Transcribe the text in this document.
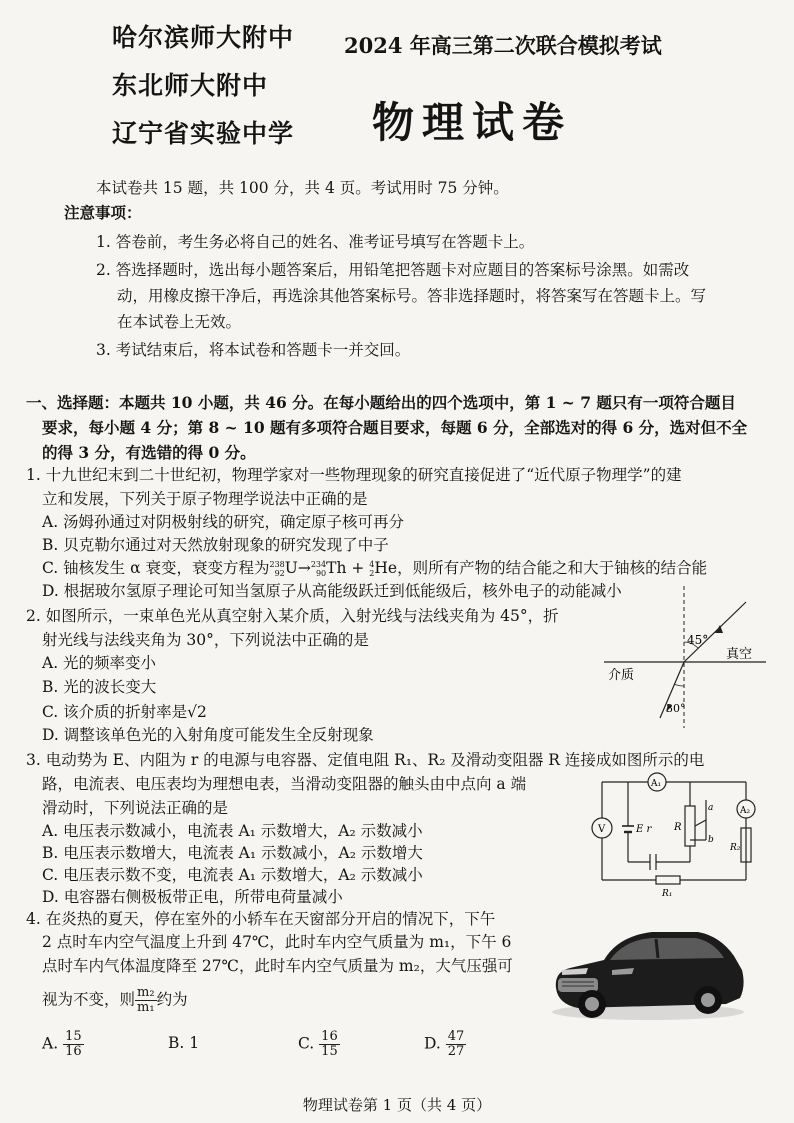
哈尔滨师大附中
东北师大附中
辽宁省实验中学
2024 年高三第二次联合模拟考试
物理试卷
本试卷共 15 题，共 100 分，共 4 页。考试用时 75 分钟。
注意事项：
1. 答卷前，考生务必将自己的姓名、准考证号填写在答题卡上。
2. 答选择题时，选出每小题答案后，用铅笔把答题卡对应题目的答案标号涂黑。如需改
动，用橡皮擦干净后，再选涂其他答案标号。答非选择题时，将答案写在答题卡上。写
在本试卷上无效。
3. 考试结束后，将本试卷和答题卡一并交回。
一、选择题：本题共 10 小题，共 46 分。在每小题给出的四个选项中，第 1 ~ 7 题只有一项符合题目
要求，每小题 4 分；第 8 ~ 10 题有多项符合题目要求，每题 6 分，全部选对的得 6 分，选对但不全
的得 3 分，有选错的得 0 分。
1. 十九世纪末到二十世纪初，物理学家对一些物理现象的研究直接促进了“近代原子物理学”的建
立和发展，下列关于原子物理学说法中正确的是
A. 汤姆孙通过对阴极射线的研究，确定原子核可再分
B. 贝克勒尔通过对天然放射现象的研究发现了中子
C. 铀核发生 α 衰变，衰变方程为 238
92 U→ 234
90 Th + 4
2 He，则所有产物的结合能之和大于铀核的结合能
D. 根据玻尔氢原子理论可知当氢原子从高能级跃迁到低能级后，核外电子的动能减小
2. 如图所示，一束单色光从真空射入某介质，入射光线与法线夹角为 45°，折
射光线与法线夹角为 30°，下列说法中正确的是
A. 光的频率变小
B. 光的波长变大
C. 该介质的折射率是√2
D. 调整该单色光的入射角度可能发生全反射现象
45°
30°
真空
介质
3. 电动势为 E、内阻为 r 的电源与电容器、定值电阻 R₁、R₂ 及滑动变阻器 R 连接成如图所示的电
路，电流表、电压表均为理想电表，当滑动变阻器的触头由中点向 a 端
滑动时，下列说法正确的是
A. 电压表示数减小，电流表 A₁ 示数增大，A₂ 示数减小
B. 电压表示数增大，电流表 A₁ 示数减小，A₂ 示数增大
C. 电压表示数不变，电流表 A₁ 示数增大，A₂ 示数减小
D. 电容器右侧极板带正电，所带电荷量减小
A₁
A₂
V	E r R
a
b
R₁
R₂
4. 在炎热的夏天，停在室外的小轿车在天窗部分开启的情况下，下午
2 点时车内空气温度上升到 47℃，此时车内空气质量为 m₁，下午 6
点时车内气体温度降至 27℃，此时车内空气质量为 m₂，大气压强可
视为不变，则 $\frac{\text{m₂}}{\text{m₁}}$ 约为
A. $\frac{15}{16}$	B. 1	C. $\frac{16}{15}$	D. $\frac{47}{27}$
物理试卷第 1 页（共 4 页）
